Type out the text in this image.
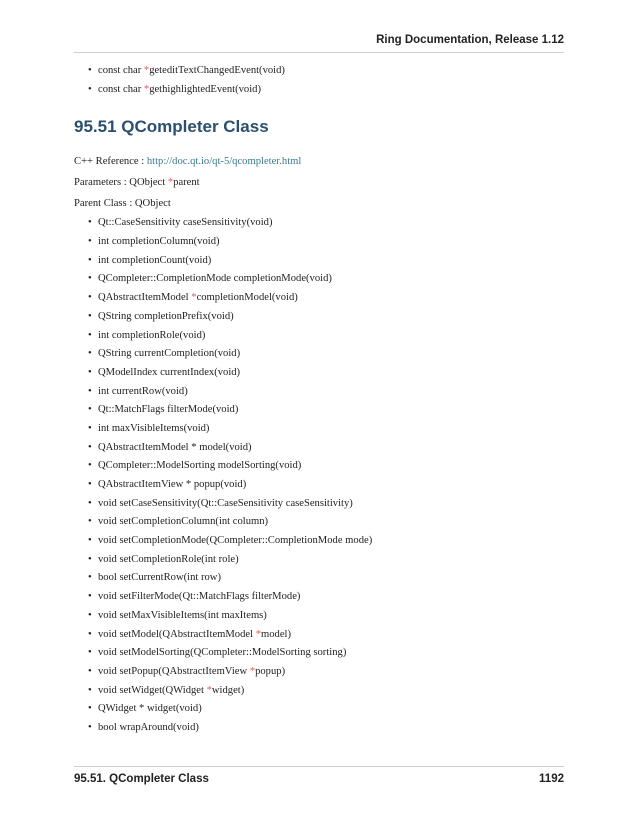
Ring Documentation, Release 1.12
• const char *geteditTextChangedEvent(void)
• const char *gethighlightedEvent(void)
95.51 QCompleter Class

C++ Reference : http://doc.qt.io/qt-5/qcompleter.html

Parameters : QObject *parent

Parent Class : QObject

• Qt::CaseSensitivity caseSensitivity(void)
• int completionColumn(void)
• int completionCount(void)
• QCompleter::CompletionMode completionMode(void)
• QAbstractItemModel *completionModel(void)
• QString completionPrefix(void)
• int completionRole(void)
• QString currentCompletion(void)
• QModelIndex currentIndex(void)
• int currentRow(void)
• Qt::MatchFlags filterMode(void)
• int maxVisibleItems(void)
• QAbstractItemModel * model(void)
• QCompleter::ModelSorting modelSorting(void)
• QAbstractItemView * popup(void)
• void setCaseSensitivity(Qt::CaseSensitivity caseSensitivity)
• void setCompletionColumn(int column)
• void setCompletionMode(QCompleter::CompletionMode mode)
• void setCompletionRole(int role)
• bool setCurrentRow(int row)
• void setFilterMode(Qt::MatchFlags filterMode)
• void setMaxVisibleItems(int maxItems)
• void setModel(QAbstractItemModel *model)
• void setModelSorting(QCompleter::ModelSorting sorting)
• void setPopup(QAbstractItemView *popup)
• void setWidget(QWidget *widget)
• QWidget * widget(void)
• bool wrapAround(void)
95.51. QCompleter Class	1192
